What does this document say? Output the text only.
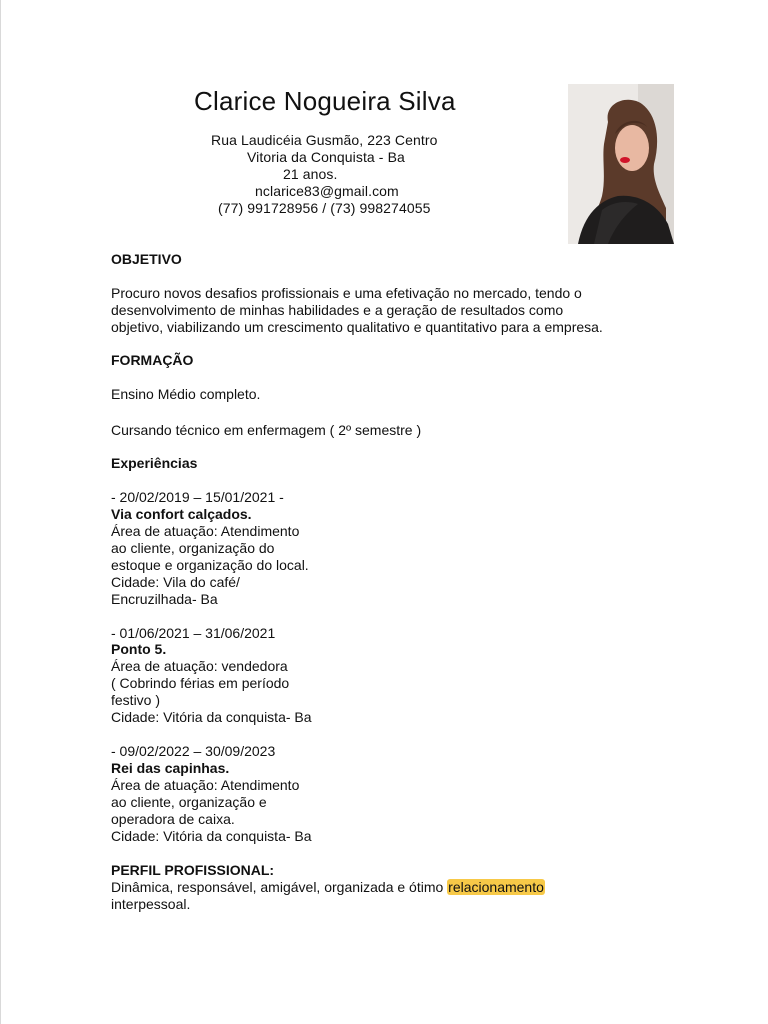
Clarice Nogueira Silva
Rua Laudicéia Gusmão, 223 Centro
Vitoria da Conquista - Ba
21 anos.
nclarice83@gmail.com
(77) 991728956 / (73) 998274055
OBJETIVO
Procuro novos desafios profissionais e uma efetivação no mercado, tendo o
desenvolvimento de minhas habilidades e a geração de resultados como
objetivo, viabilizando um crescimento qualitativo e quantitativo para a empresa.
FORMAÇÃO
Ensino Médio completo.
Cursando técnico em enfermagem ( 2º semestre )
Experiências
- 20/02/2019 – 15/01/2021 -
Via confort calçados.
Área de atuação: Atendimento
ao cliente, organização do
estoque e organização do local.
Cidade: Vila do café/
Encruzilhada- Ba
- 01/06/2021 – 31/06/2021
Ponto 5.
Área de atuação: vendedora
( Cobrindo férias em período
festivo )
Cidade: Vitória da conquista- Ba
- 09/02/2022 – 30/09/2023
Rei das capinhas.
Área de atuação: Atendimento
ao cliente, organização e
operadora de caixa.
Cidade: Vitória da conquista- Ba
PERFIL PROFISSIONAL:
Dinâmica, responsável, amigável, organizada e ótimo relacionamento
interpessoal.
